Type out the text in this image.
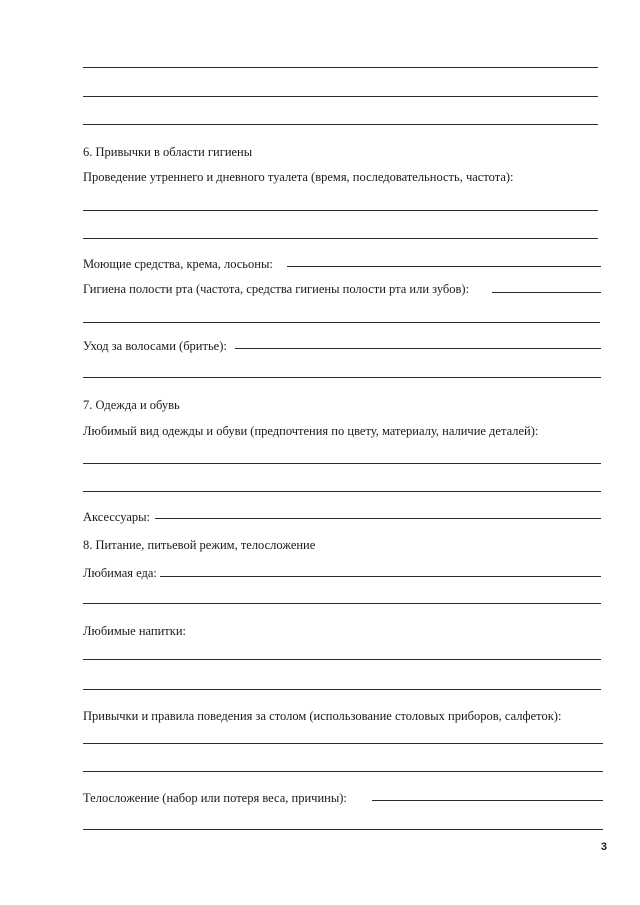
6. Привычки в области гигиены
Проведение утреннего и дневного туалета (время, последовательность, частота):
Моющие средства, крема, лосьоны:
Гигиена полости рта (частота, средства гигиены полости рта или зубов):
Уход за волосами (бритье):
7. Одежда и обувь
Любимый вид одежды и обуви (предпочтения по цвету, материалу, наличие деталей):
Аксессуары:
8. Питание, питьевой режим, телосложение
Любимая еда:
Любимые напитки:
Привычки и правила поведения за столом (использование столовых приборов, салфеток):
Телосложение (набор или потеря веса, причины):
3
